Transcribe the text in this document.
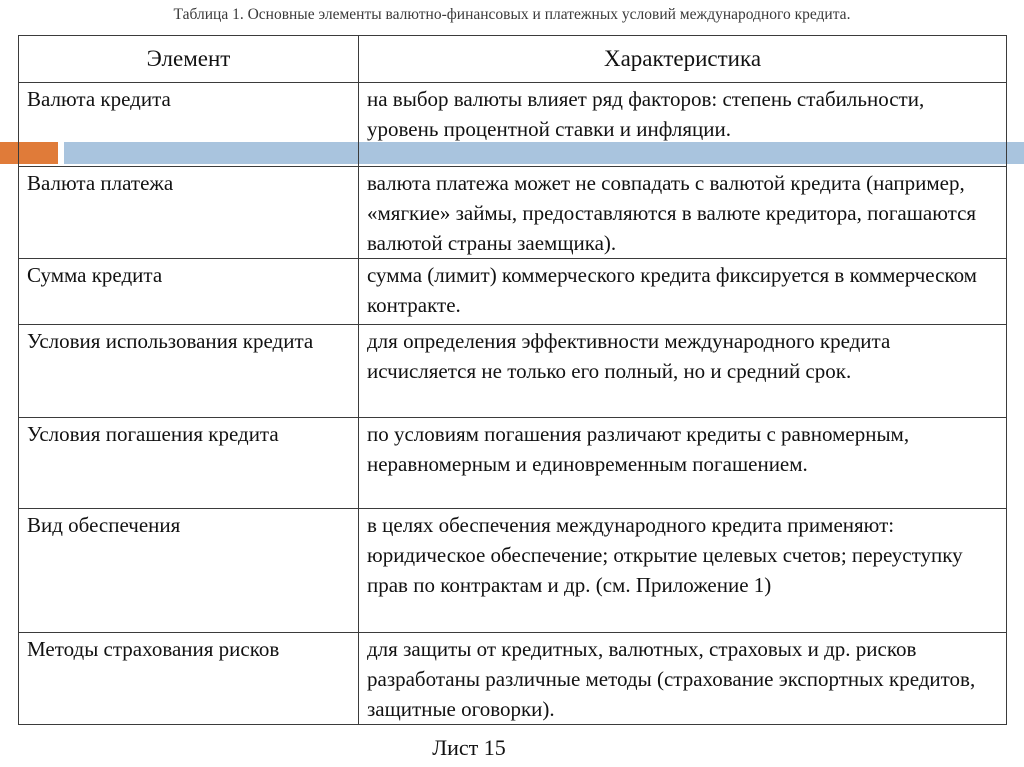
Таблица 1. Основные элементы валютно-финансовых и платежных условий международного кредита.
Элемент	Характеристика
Валюта кредита	на выбор валюты влияет ряд факторов: степень стабильности, уровень процентной ставки и инфляции.
Валюта платежа	валюта платежа может не совпадать с валютой кредита (например, «мягкие» займы, предоставляются в валюте кредитора, погашаются валютой страны заемщика).
Сумма кредита	сумма (лимит) коммерческого кредита фиксируется в коммерческом контракте.
Условия использования кредита	для определения эффективности международного кредита исчисляется не только его полный, но и средний срок.
Условия погашения кредита	по условиям погашения различают кредиты с равномерным, неравномерным и единовременным погашением.
Вид обеспечения	в целях обеспечения международного кредита применяют: юридическое обеспечение; открытие целевых счетов; переуступку прав по контрактам и др. (см. Приложение 1)
Методы страхования рисков	для защиты от кредитных, валютных, страховых и др. рисков разработаны различные методы (страхование экспортных кредитов, защитные оговорки).
Лист 15
